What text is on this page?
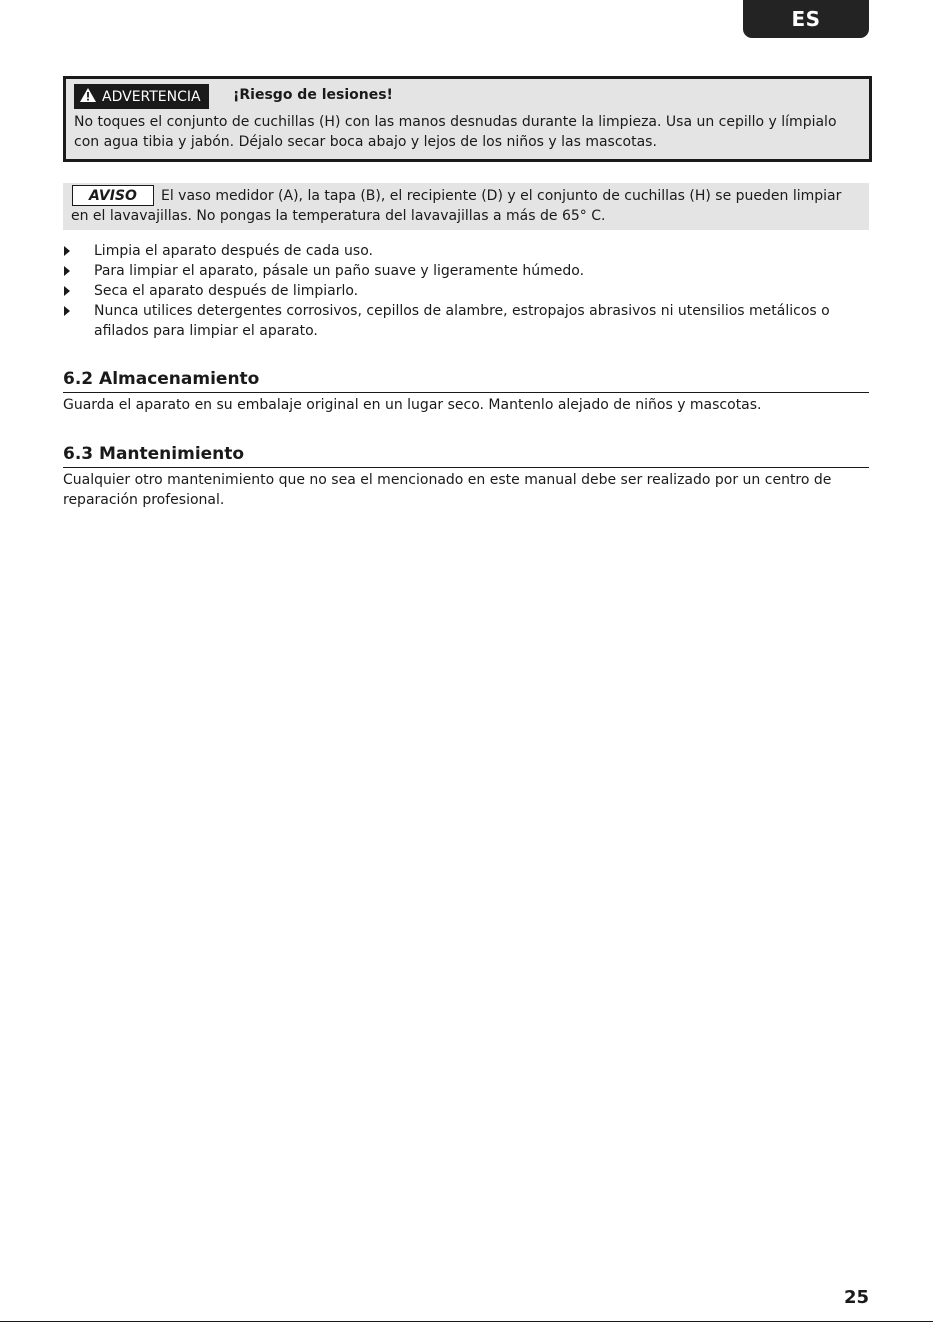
ES
ADVERTENCIA ¡Riesgo de lesiones!
No toques el conjunto de cuchillas (H) con las manos desnudas durante la limpieza. Usa un cepillo y límpialo con agua tibia y jabón. Déjalo secar boca abajo y lejos de los niños y las mascotas.
El vaso medidor (A), la tapa (B), el recipiente (D) y el conjunto de cuchillas (H) se pueden limpiar en el lavavajillas. No pongas la temperatura del lavavajillas a más de 65° C.
AVISO
Limpia el aparato después de cada uso.
Para limpiar el aparato, pásale un paño suave y ligeramente húmedo.
Seca el aparato después de limpiarlo.
Nunca utilices detergentes corrosivos, cepillos de alambre, estropajos abrasivos ni utensilios metálicos o afilados para limpiar el aparato.
6.2 Almacenamiento

Guarda el aparato en su embalaje original en un lugar seco. Mantenlo alejado de niños y mascotas.

6.3 Mantenimiento

Cualquier otro mantenimiento que no sea el mencionado en este manual debe ser realizado por un centro de reparación profesional.

25
